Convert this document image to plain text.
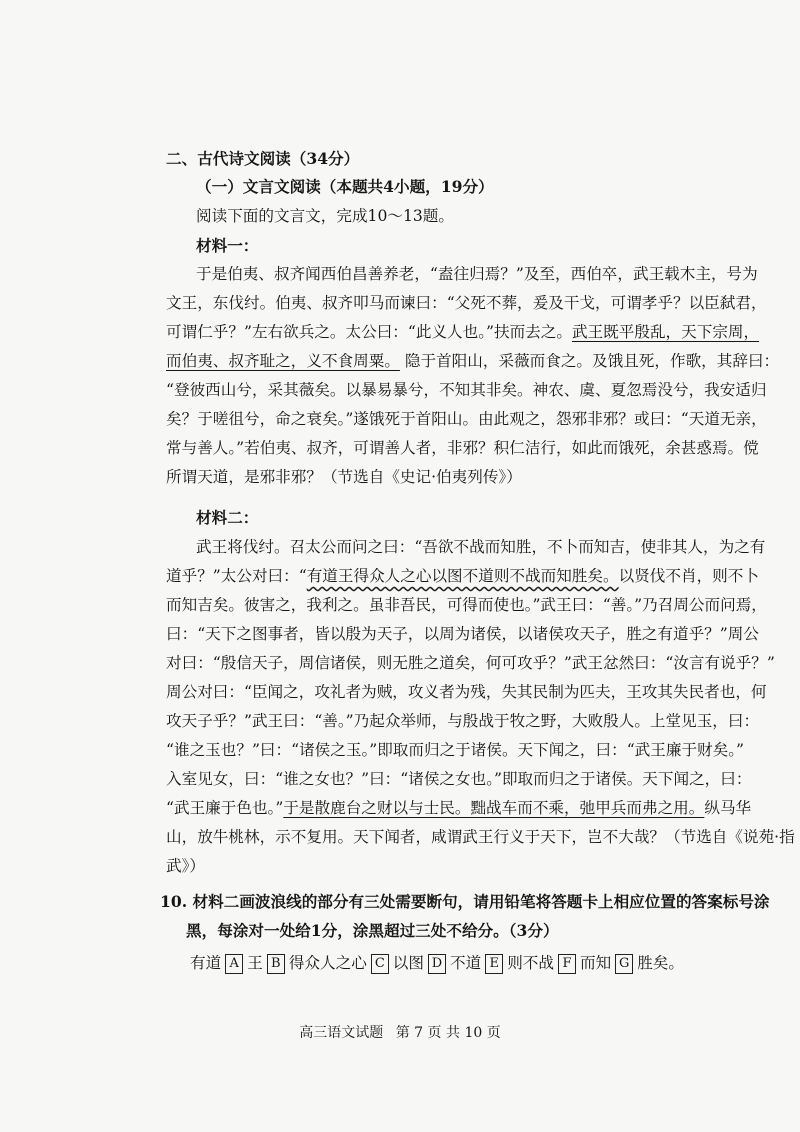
二、古代诗文阅读（34分）
（一）文言文阅读（本题共4小题，19分）
阅读下面的文言文，完成10～13题。
材料一：
于是伯夷、叔齐闻西伯昌善养老，“盍往归焉？”及至，西伯卒，武王载木主，号为
文王，东伐纣。伯夷、叔齐叩马而谏曰：“父死不葬，爰及干戈，可谓孝乎？以臣弑君，
可谓仁乎？”左右欲兵之。太公曰：“此义人也。”扶而去之。武王既平殷乱，天下宗周，
而伯夷、叔齐耻之，义不食周粟。 隐于首阳山，采薇而食之。及饿且死，作歌，其辞曰：
“登彼西山兮，采其薇矣。以暴易暴兮，不知其非矣。神农、虞、夏忽焉没兮，我安适归
矣？于嗟徂兮，命之衰矣。”遂饿死于首阳山。由此观之，怨邪非邪？或曰：“天道无亲，
常与善人。”若伯夷、叔齐，可谓善人者，非邪？积仁洁行，如此而饿死，余甚惑焉。傥
所谓天道，是邪非邪？（节选自《史记·伯夷列传》）
材料二：
武王将伐纣。召太公而问之曰：“吾欲不战而知胜，不卜而知吉，使非其人，为之有
道乎？”太公对曰：“有道王得众人之心以图不道则不战而知胜矣。以贤伐不肖，则不卜
而知吉矣。彼害之，我利之。虽非吾民，可得而使也。”武王曰：“善。”乃召周公而问焉，
曰：“天下之图事者，皆以殷为天子，以周为诸侯，以诸侯攻天子，胜之有道乎？”周公
对曰：“殷信天子，周信诸侯，则无胜之道矣，何可攻乎？”武王忿然曰：“汝言有说乎？”
周公对曰：“臣闻之，攻礼者为贼，攻义者为残，失其民制为匹夫，王攻其失民者也，何
攻天子乎？”武王曰：“善。”乃起众举师，与殷战于牧之野，大败殷人。上堂见玉，曰：
“谁之玉也？”曰：“诸侯之玉。”即取而归之于诸侯。天下闻之，曰：“武王廉于财矣。”
入室见女，曰：“谁之女也？”曰：“诸侯之女也。”即取而归之于诸侯。天下闻之，曰：
“武王廉于色也。”于是散鹿台之财以与士民。黜战车而不乘，弛甲兵而弗之用。纵马华
山，放牛桃林，示不复用。天下闻者，咸谓武王行义于天下，岂不大哉？（节选自《说苑·指
武》）
10. 材料二画波浪线的部分有三处需要断句，请用铅笔将答题卡上相应位置的答案标号涂
黑，每涂对一处给1分，涂黑超过三处不给分。（3分）
有道 A 王 B 得众人之心 C 以图 D 不道 E 则不战 F 而知 G 胜矣。
高三语文试题 第 7 页 共 10 页
